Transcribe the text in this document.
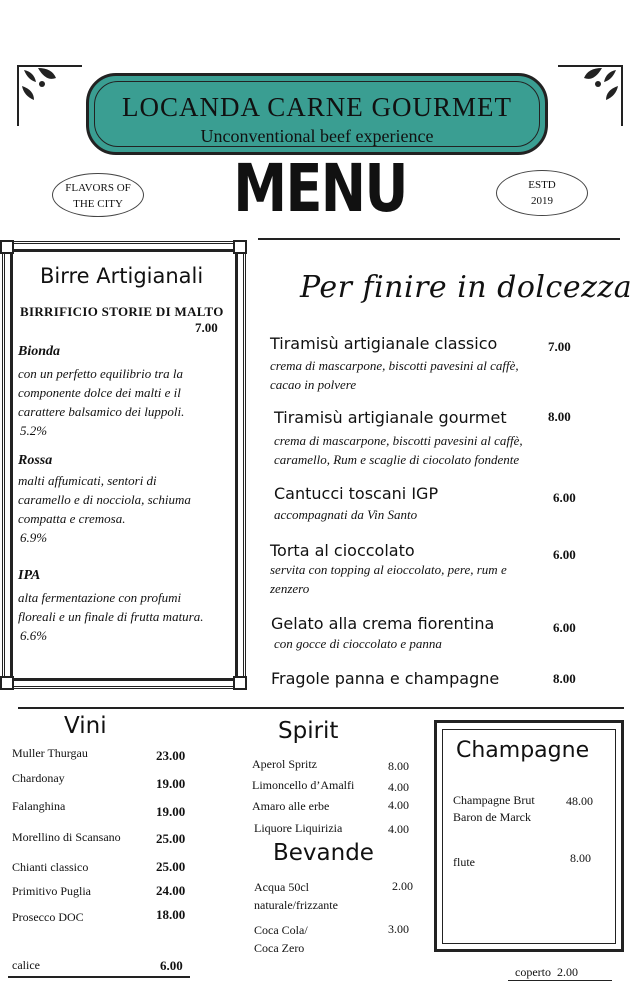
LOCANDA CARNE GOURMET
Unconventional beef experience
MENU
FLAVORS OF
THE CITY
ESTD
2019
Birre Artigianali
BIRRIFICIO STORIE DI MALTO
7.00
Bionda
con un perfetto equilibrio tra la
componente dolce dei malti e il
carattere balsamico dei luppoli.
5.2%
Rossa
malti affumicati, sentori di
caramello e di nocciola, schiuma
compatta e cremosa.
6.9%
IPA
alta fermentazione con profumi
floreali e un finale di frutta matura.
6.6%
Per finire in dolcezza
Tiramisù artigianale classico
crema di mascarpone, biscotti pavesini al caffè,
cacao in polvere
7.00
Tiramisù artigianale gourmet
crema di mascarpone, biscotti pavesini al caffè,
caramello, Rum e scaglie di ciocolato fondente
8.00
Cantucci toscani IGP
accompagnati da Vin Santo
6.00
Torta al cioccolato
servita con topping al eioccolato, pere, rum e
zenzero
6.00
Gelato alla crema fiorentina
con gocce di cioccolato e panna
6.00
Fragole panna e champagne	8.00
Vini
Muller Thurgau	23.00
Chardonay	19.00
Falanghina	19.00
Morellino di Scansano	25.00
Chianti classico	25.00
Primitivo Puglia	24.00
Prosecco DOC	18.00
calice	6.00
Spirit
Aperol Spritz	8.00
Limoncello d’Amalfi	4.00
Amaro alle erbe	4.00
Liquore Liquirizia	4.00
Bevande
Acqua 50cl
naturale/frizzante
2.00
Coca Cola/
Coca Zero
3.00
Champagne
Champagne Brut
Baron de Marck
48.00
flute	8.00
coperto  2.00
